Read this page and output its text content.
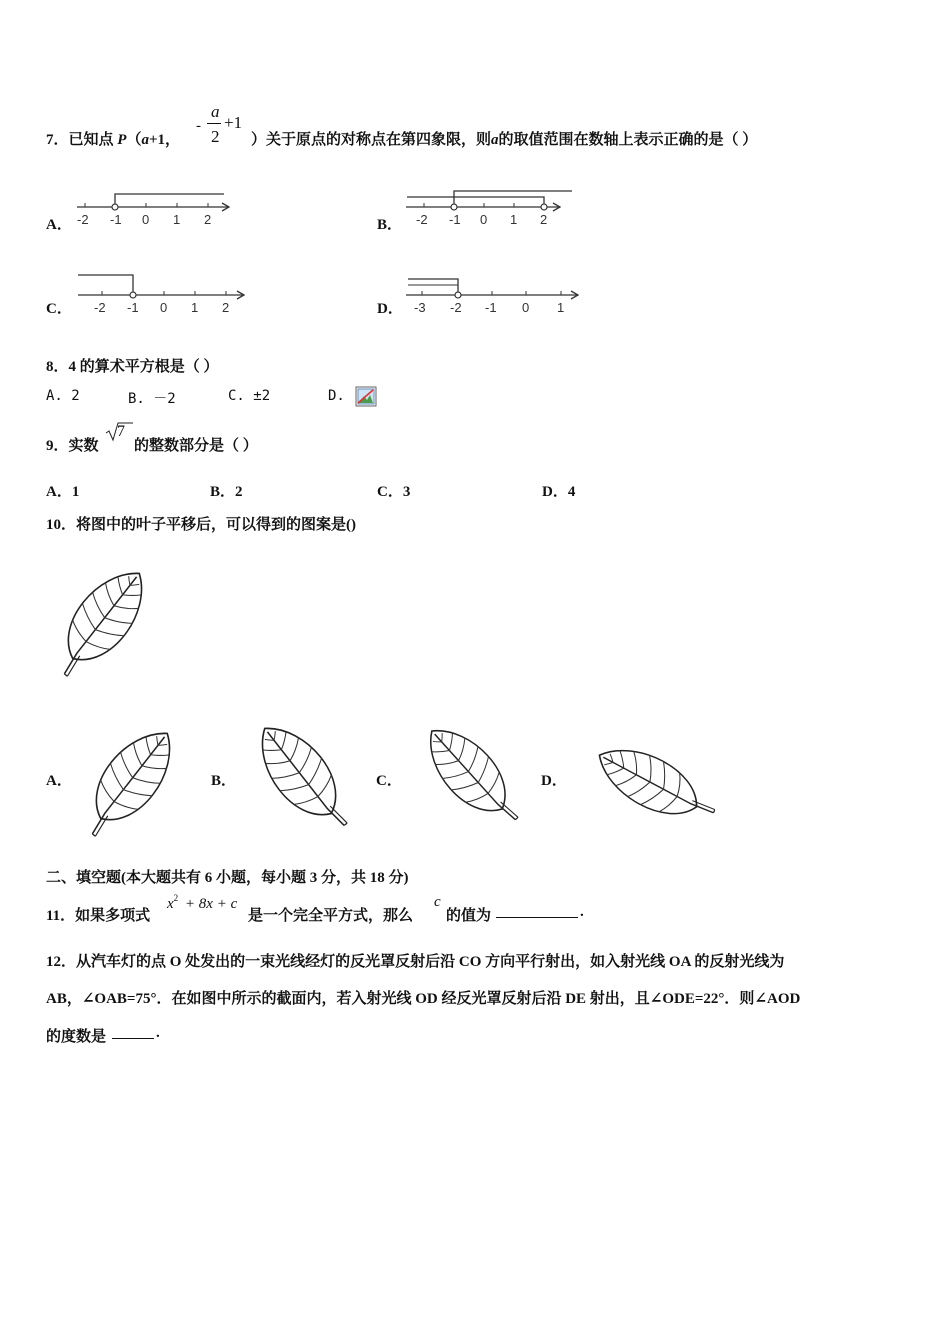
7．已知点 P（a+1，
-
a
2
+1
）关于原点的对称点在第四象限，则a的取值范围在数轴上表示正确的是（ ）
A． -2 -1 0 1 2	B． -2 -1 0 1 2
C． -2 -1 0 1 2	D． -3 -2 -1 0 1
8．4 的算术平方根是（ ）
A. 2	B. －2	C. ±2	D.
9．实数
7
的整数部分是（ ）
A．1	B．2	C．3	D．4
10．将图中的叶子平移后，可以得到的图案是()
A．	B．	C．	D．
二、填空题(本大题共有 6 小题，每小题 3 分，共 18 分)
11．如果多项式
$x^2 + 8x + c$
是一个完全平方式，那么
c
的值为	.
12．从汽车灯的点 O 处发出的一束光线经灯的反光罩反射后沿 CO 方向平行射出，如入射光线 OA 的反射光线为
AB，∠OAB=75°．在如图中所示的截面内，若入射光线 OD 经反光罩反射后沿 DE 射出，且∠ODE=22°．则∠AOD
的度数是	.
